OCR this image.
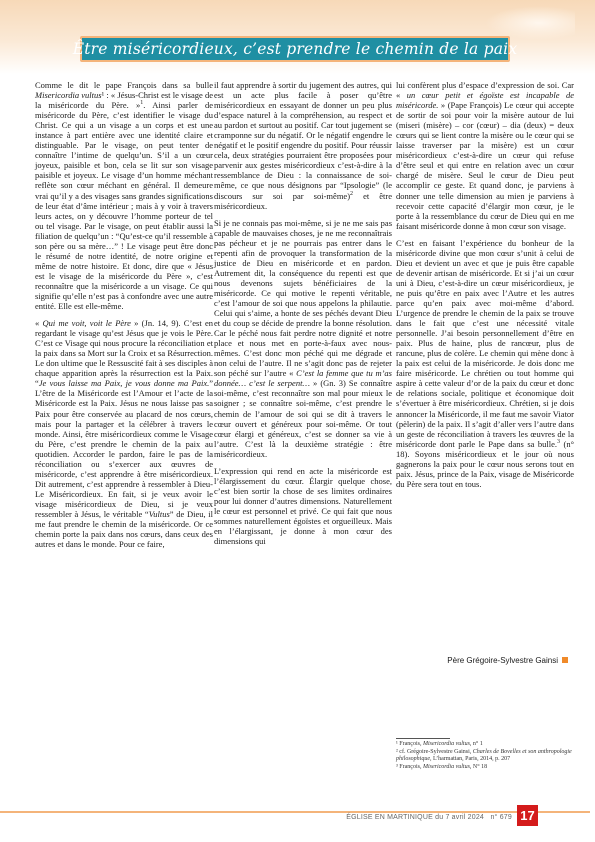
Être miséricordieux, c’est prendre le chemin de la paix

Comme le dit le pape François dans sa bulle Misericordia vultus¹ : « Jésus-Christ est le visage de la miséricorde du Père. »$^1$. Ainsi parler de miséricorde du Père, c’est identifier le visage du Christ. Ce qui a un visage a un corps et est une instance à part entière avec une identité claire et distinguable. Par le visage, on peut tenter de connaître l’intime de quelqu’un. S’il a un cœur joyeux, paisible et bon, cela se lit sur son visage paisible et joyeux. Le visage d’un homme méchant reflète son cœur méchant en général. Il demeure vrai qu’il y a des visages sans grandes significations de leur état d’âme intérieur ; mais à y voir à travers leurs actes, on y découvre l’homme porteur de tel ou tel visage. Par le visage, on peut établir aussi la filiation de quelqu’un : “Qu’est-ce qu’il ressemble à son père ou sa mère…” ! Le visage peut être donc le résumé de notre identité, de notre origine et même de notre histoire. Et donc, dire que « Jésus est le visage de la miséricorde du Père », c’est reconnaître que la miséricorde a un visage. Ce qui signifie qu’elle n’est pas à confondre avec une autre entité. Elle est elle-même.

« Qui me voit, voit le Père » (Jn. 14, 9). C’est en regardant le visage qu’est Jésus que je vois le Père. C’est ce Visage qui nous procure la réconciliation et la paix dans sa Mort sur la Croix et sa Résurrection. Le don ultime que le Ressuscité fait à ses disciples à chaque apparition après la résurrection est la Paix. “Je vous laisse ma Paix, je vous donne ma Paix.” L’être de la Miséricorde est l’Amour et l’acte de la Miséricorde est la Paix. Jésus ne nous laisse pas sa Paix pour être conservée au placard de nos cœurs, mais pour la partager et la célébrer à travers le monde. Ainsi, être miséricordieux comme le Visage du Père, c’est prendre le chemin de la paix au quotidien. Accorder le pardon, faire le pas de la réconciliation ou s’exercer aux œuvres de miséricorde, c’est apprendre à être miséricordieux. Dit autrement, c’est apprendre à ressembler à Dieu-Le Miséricordieux. En fait, si je veux avoir le visage miséricordieux de Dieu, si je veux ressembler à Jésus, le véritable “Vultus” de Dieu, il me faut prendre le chemin de la miséricorde. Or ce chemin porte la paix dans nos cœurs, dans ceux des autres et dans le monde. Pour ce faire,

il faut apprendre à sortir du jugement des autres, qui est un acte plus facile à poser qu’être miséricordieux en essayant de donner un peu plus d’espace naturel à la compréhension, au respect et au pardon et surtout au positif. Car tout jugement se cramponne sur du négatif. Or le négatif engendre le négatif et le positif engendre du positif. Pour réussir cela, deux stratégies pourraient être proposées pour parvenir aux gestes miséricordieux c’est-à-dire à la ressemblance de Dieu : la connaissance de soi-même, ce que nous désignons par “Ipsologie” (le discours sur soi par soi-même)$^2$ et être miséricordieux.

Si je ne connais pas moi-même, si je ne me sais pas capable de mauvaises choses, je ne me reconnaîtrais pas pécheur et je ne pourrais pas entrer dans le repenti afin de provoquer la transformation de la justice de Dieu en miséricorde et en pardon. Autrement dit, la conséquence du repenti est que nous devenons sujets bénéficiaires de la miséricorde. Ce qui motive le repenti véritable, c’est l’amour de soi que nous appelons la philautie. Celui qui s’aime, a honte de ses péchés devant Dieu et du coup se décide de prendre la bonne résolution. Car le péché nous fait perdre notre dignité et notre place et nous met en porte-à-faux avec nous-mêmes. C’est donc mon péché qui me dégrade et non celui de l’autre. Il ne s’agit donc pas de rejeter son péché sur l’autre « C’est la femme que tu m’as donnée… c’est le serpent… » (Gn. 3) Se connaître soi-même, c’est reconnaître son mal pour mieux le soigner ; se connaître soi-même, c’est prendre le chemin de l’amour de soi qui se dit à travers le cœur ouvert et généreux pour soi-même. Or tout cœur élargi et généreux, c’est se donner sa vie à l’autre. C’est là la deuxième stratégie : être miséricordieux.

L’expression qui rend en acte la miséricorde est l’élargissement du cœur. Élargir quelque chose, c’est bien sortir la chose de ses limites ordinaires pour lui donner d’autres dimensions. Naturellement le cœur est personnel et privé. Ce qui fait que nous sommes naturellement égoïstes et orgueilleux. Mais en l’élargissant, je donne à mon cœur des dimensions qui

lui confèrent plus d’espace d’expression de soi. Car « un cœur petit et égoïste est incapable de miséricorde. » (Pape François) Le cœur qui accepte de sortir de soi pour voir la misère autour de lui (miseri (misère) – cor (cœur) – dia (deux) = deux cœurs qui se lient contre la misère ou le cœur qui se laisse traverser par la misère) est un cœur miséricordieux c’est-à-dire un cœur qui refuse d’être seul et qui entre en relation avec un cœur chargé de misère. Seul le cœur de Dieu peut accomplir ce geste. Et quand donc, je parviens à donner une telle dimension au mien je parviens à recevoir cette capacité d’élargir mon cœur, je le porte à la ressemblance du cœur de Dieu qui en me faisant miséricorde donne à mon cœur son visage.

C’est en faisant l’expérience du bonheur de la miséricorde divine que mon cœur s’unit à celui de Dieu et devient un avec et que je puis être capable de devenir artisan de miséricorde. Et si j’ai un cœur uni à Dieu, c’est-à-dire un cœur miséricordieux, je ne puis qu’être en paix avec l’Autre et les autres parce qu’en paix avec moi-même d’abord. L’urgence de prendre le chemin de la paix se trouve dans le fait que c’est une nécessité vitale personnelle. J’ai besoin personnellement d’être en paix. Plus de haine, plus de rancœur, plus de rancune, plus de colère. Le chemin qui mène donc à la paix est celui de la miséricorde. Je dois donc me faire miséricorde. Le chrétien ou tout homme qui aspire à cette valeur d’or de la paix du cœur et donc de relations sociale, politique et économique doit s’évertuer à être miséricordieux. Chrétien, si je dois annoncer la Miséricorde, il me faut me savoir Viator (pèlerin) de la paix. Il s’agit d’aller vers l’autre dans un geste de réconciliation à travers les œuvres de la miséricorde dont parle le Pape dans sa bulle.$^3$ (n° 18). Soyons miséricordieux et le jour où nous gagnerons la paix pour le cœur nous serons tout en paix. Jésus, prince de la Paix, visage de Miséricorde du Père sera tout en tous.

Père Grégoire-Sylvestre Gainsi
¹ François, Misericordia vultus, n° 1
² cf. Grégoire-Sylvestre Gainsi, Charles de Bovelles et son anthropologie philosophique, L’harmattan, Paris, 2014, p. 207
³ François, Misericordia vultus, N° 18
ÉGLISE EN MARTINIQUE du 7 avril 2024 n° 679 17
